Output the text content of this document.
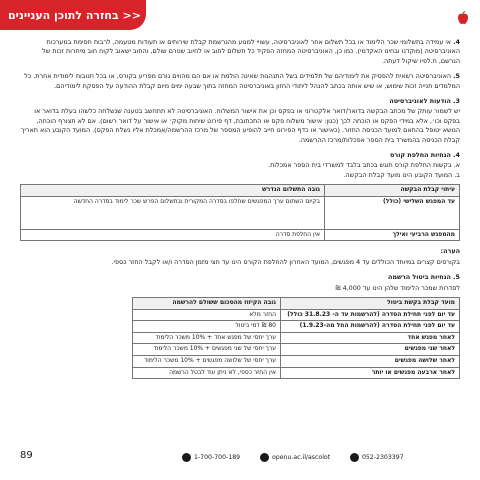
בחזרה לתוכן העניינים >>

4. אי עמידה בתשלומי שכר הלימוד או בכל תשלום אחר לאוניברסיטה, עשויי למנוע מהנרשמת קבלת שירותים או תעודות מטעמה, לרבות חסימת במערכות האוניברסיטה (מוקדנו ובחינו האקדמי). כמו כן, האוניברסיטה המחזה הפקיד כל תשלום לחוב או לחיוב שטרם שולם, והחוב ישאוב לקוח חוב מיתרות זכות של הנרשם, ת.לפיו שיקול דעתה.

5. האוניברסיטה רשאית להפסיק את לימודיהם של תלמידים בשל התנהגות שאינה הולמת או אם הם מהווים גורם מפריע בקורס, או בכל תנובות לימודית אחרת. כל המלמדים תנייה זכות שימוש, או שיש אותה בכתב להנהל ליתודי החזון באוניברסיטה המחזה בתוך שבעה ימים מיום קבלת ההודעה על הפסקת לימודיהם.

3. הודעות לאוניברסיטה

יש לשמור עותק של מכתב הבקשה בדואר/דואר אלקטרוני או בפקס וכן את אישור המשלוח. האוניברסיטה לא תתחשב בטענה שנשלחה כלשהו בעלת בדואר או בפקס וכו׳, אלא במידי הפקס או הוכחה לכך (כגון: אישור משלוח פקס או התכתובת, דף פירוט שיחות מקוק׳ או אישור על דואר רשום). אם לא תצורף הוכחה, הנושא יטופל בהתאם למועד הכניסה החזור. (כאישור או כדף הפירוט חייב להופיע המספר של מרכז ההרשמה/אמכלת אליו נשלח הפקס). המועד הקובע הוא תאריך קבלת הכניסה בהמשרד בית הספר אפכלות/מרכז ההרשמה.

4. הנחיות החלפת קורס
א. בקשות החלפת קורס תוגש בכתב בלבד למשרדי בית הספר אמכלות.
ב. המועד הקובע הינו מועד קבלת הבקשה.
עיתוי קבלת הבקשה	גובה התשלום הנדרש
עד המפגש השלישי (כולל)	בקיום השתום ערך המפגשים שחלפו בסדרה המקורית ובתשלום הפרש שכר לימוד בסדרה החדשה
מהמפגש הרביעי ואילך	אין החלפת סדרה
הערה:

בקורסים קצרים במיוחד הכוללים עד 4 מפגשים, המועד האחרון להחלפת הקורס הינו עד חצי מזמן הסדרה ו/או לקבל החזר כספי.

5. הנחיות ביטול הרשמה
לסדרות שמכר הלימוד שלהן הינו עד 4,000 ₪
מועד קבלת בקשת ביטול	גובה הקיזוז מהסכום ששולם להרשמה
עד יום לפני תחילת הסדרה (להרשמות עד ה- 31.8.23 כולל)	החזר מלא
עד יום לפני תחילת הסדרה (להרשמות החל מה-1.9.23)	80 ₪ דמי ביטול
לאחר מפגש אחד	ערך יחסי של מפגש אחד + 10% משכר הלימוד
לאחר שני מפגשים	ערך יחסי של שני מפגשים + 10% משכר הלימוד
לאחר שלושה מפגשים	ערך יחסי של שלושה מפגשים + 10% משכר הלימוד
לאחר ארבעה מפגשים או יותר	אין החזר כספי, לא ניתן עוד לבטל הרשמה
89	1-700-700-189	openu.ac.il/ascolot	052-2303397
